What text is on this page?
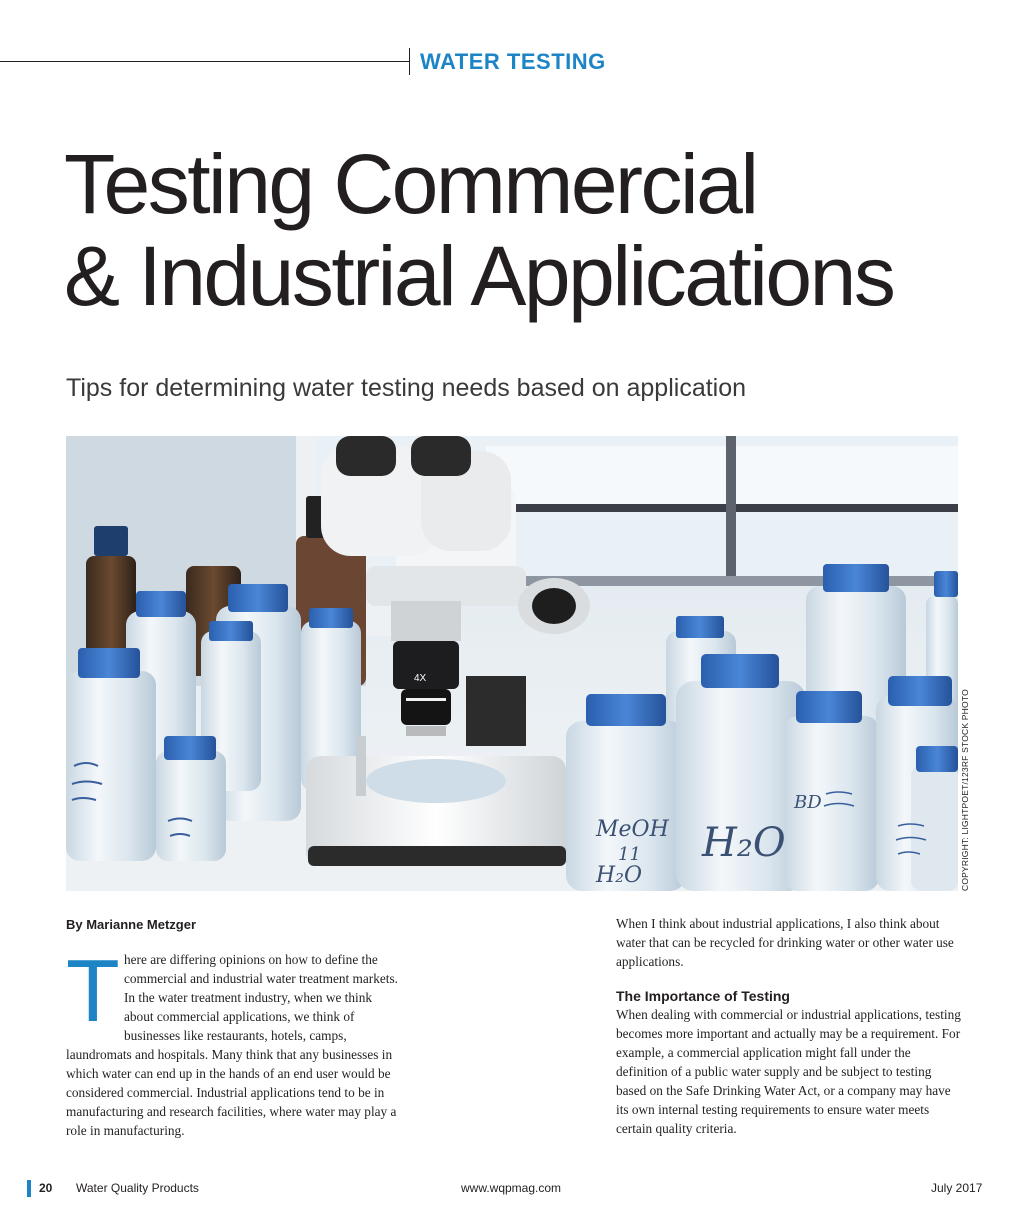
WATER TESTING
Testing Commercial
& Industrial Applications
Tips for determining water testing needs based on application
4X
MeOH
11
H₂O
H₂O
BD	COPYRIGHT: LIGHTPOET/123RF STOCK PHOTO
By Marianne Metzger

There are differing opinions on how to define the commercial and industrial water treatment markets. In the water treatment industry, when we think about commercial applications, we think of businesses like restaurants, hotels, camps, laundromats and hospitals. Many think that any businesses in which water can end up in the hands of an end user would be considered commercial. Industrial applications tend to be in manufacturing and research facilities, where water may play a role in manufacturing.

When I think about industrial applications, I also think about water that can be recycled for drinking water or other water use applications.

The Importance of Testing

When dealing with commercial or industrial applications, testing becomes more important and actually may be a requirement. For example, a commercial application might fall under the definition of a public water supply and be subject to testing based on the Safe Drinking Water Act, or a company may have its own internal testing requirements to ensure water meets certain quality criteria.

20 Water Quality Products	www.wqpmag.com	July 2017
